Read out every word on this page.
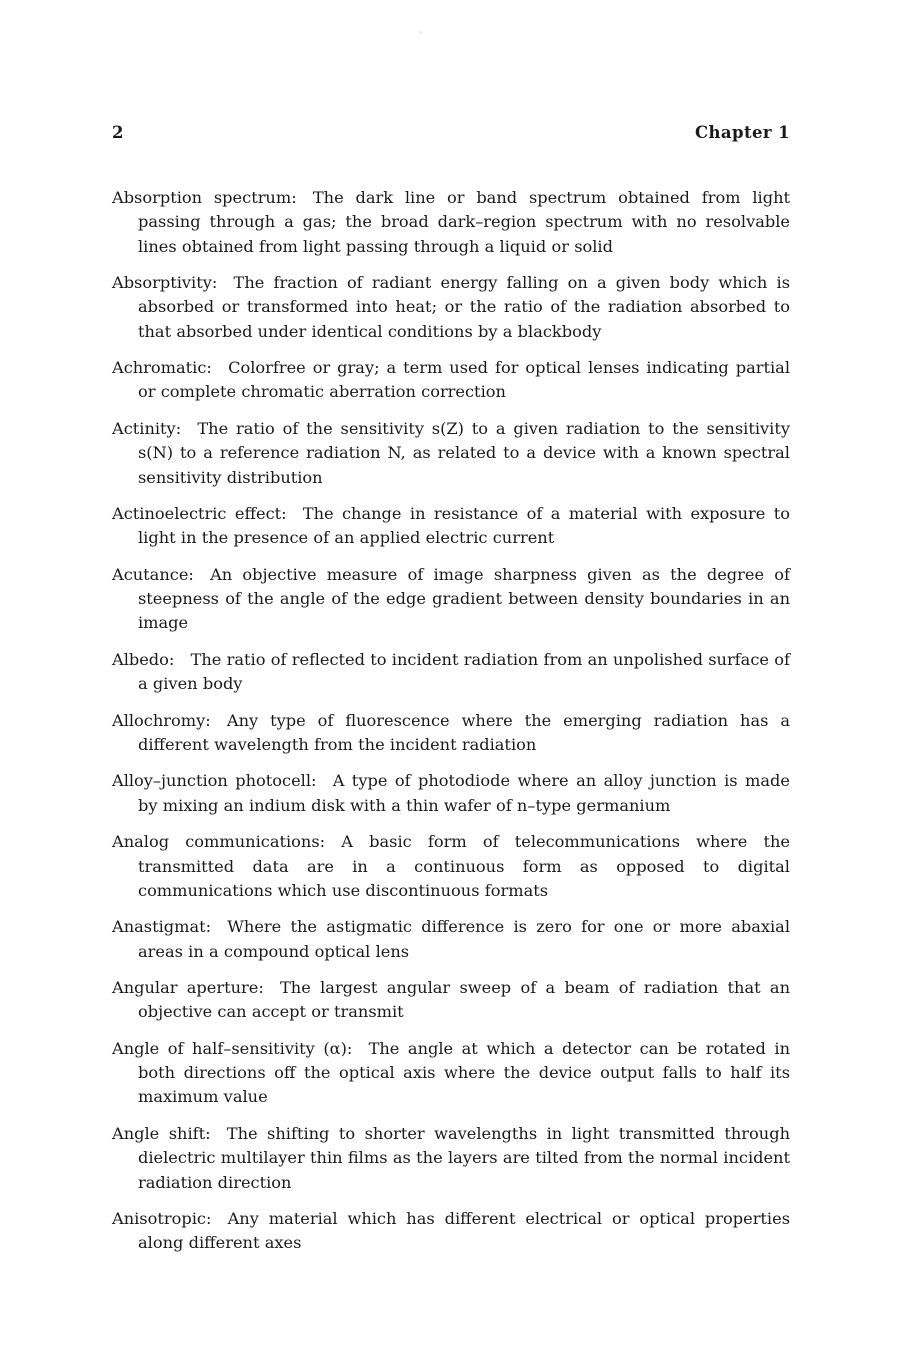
2	Chapter 1

Absorption spectrum:   The dark line or band spectrum obtained from light passing through a gas; the broad dark–region spectrum with no resolvable lines obtained from light passing through a liquid or solid

Absorptivity:   The fraction of radiant energy falling on a given body which is absorbed or transformed into heat; or the ratio of the radiation absorbed to that absorbed under identical conditions by a blackbody

Achromatic:   Colorfree or gray; a term used for optical lenses indicating partial or complete chromatic aberration correction

Actinity:   The ratio of the sensitivity s(Z) to a given radiation to the sensitivity s(N) to a reference radiation N, as related to a device with a known spectral sensitivity distribution

Actinoelectric effect:   The change in resistance of a material with exposure to light in the presence of an applied electric current

Acutance:   An objective measure of image sharpness given as the degree of steepness of the angle of the edge gradient between density boundaries in an image

Albedo:   The ratio of reflected to incident radiation from an unpolished surface of a given body

Allochromy:   Any type of fluorescence where the emerging radiation has a different wavelength from the incident radiation

Alloy–junction photocell:   A type of photodiode where an alloy junction is made by mixing an indium disk with a thin wafer of n–type germanium

Analog communications:   A basic form of telecommunications where the transmitted data are in a continuous form as opposed to digital communications which use discontinuous formats

Anastigmat:   Where the astigmatic difference is zero for one or more abaxial areas in a compound optical lens

Angular aperture:   The largest angular sweep of a beam of radiation that an objective can accept or transmit

Angle of half–sensitivity (α):   The angle at which a detector can be rotated in both directions off the optical axis where the device output falls to half its maximum value

Angle shift:   The shifting to shorter wavelengths in light transmitted through dielectric multilayer thin films as the layers are tilted from the normal incident radiation direction

Anisotropic:   Any material which has different electrical or optical properties along different axes
